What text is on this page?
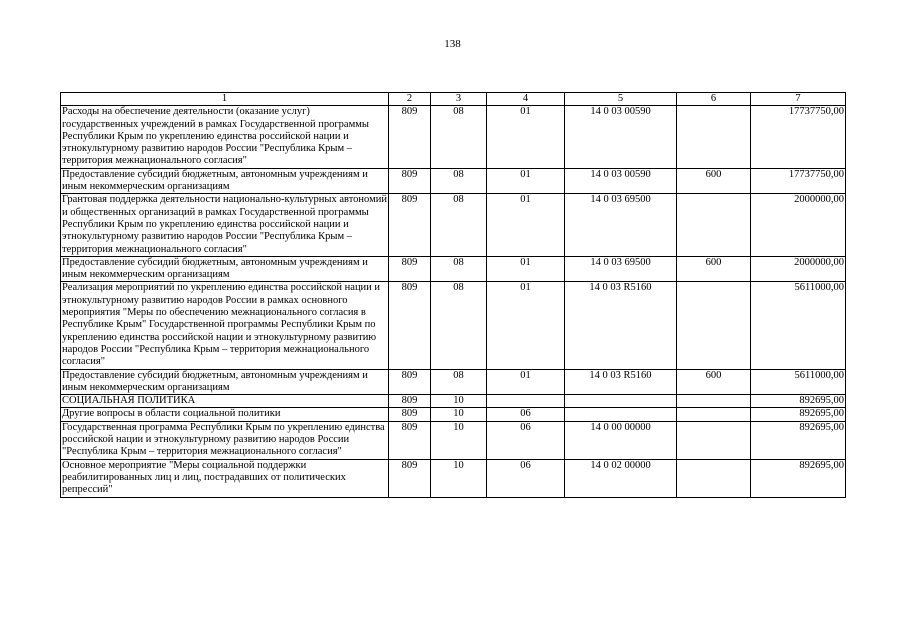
138
1	2	3	4	5	6	7
Расходы на обеспечение деятельности (оказание услуг) государственных учреждений в рамках Государственной программы Республики Крым по укреплению единства российской нации и этнокультурному развитию народов России "Республика Крым – территория межнационального согласия"	809	08	01	14 0 03 00590		17737750,00
Предоставление субсидий бюджетным, автономным учреждениям и иным некоммерческим организациям	809	08	01	14 0 03 00590	600	17737750,00
Грантовая поддержка деятельности национально-культурных автономий и общественных организаций в рамках Государственной программы Республики Крым по укреплению единства российской нации и этнокультурному развитию народов России "Республика Крым – территория межнационального согласия"	809	08	01	14 0 03 69500		2000000,00
Предоставление субсидий бюджетным, автономным учреждениям и иным некоммерческим организациям	809	08	01	14 0 03 69500	600	2000000,00
Реализация мероприятий по укреплению единства российской нации и этнокультурному развитию народов России в рамках основного мероприятия "Меры по обеспечению межнационального согласия в Республике Крым" Государственной программы Республики Крым по укреплению единства российской нации и этнокультурному развитию народов России "Республика Крым – территория межнационального согласия"	809	08	01	14 0 03 R5160		5611000,00
Предоставление субсидий бюджетным, автономным учреждениям и иным некоммерческим организациям	809	08	01	14 0 03 R5160	600	5611000,00
СОЦИАЛЬНАЯ ПОЛИТИКА	809	10				892695,00
Другие вопросы в области социальной политики	809	10	06			892695,00
Государственная программа Республики Крым по укреплению единства российской нации и этнокультурному развитию народов России "Республика Крым – территория межнационального согласия"	809	10	06	14 0 00 00000		892695,00
Основное мероприятие "Меры социальной поддержки реабилитированных лиц и лиц, пострадавших от политических репрессий"	809	10	06	14 0 02 00000		892695,00
